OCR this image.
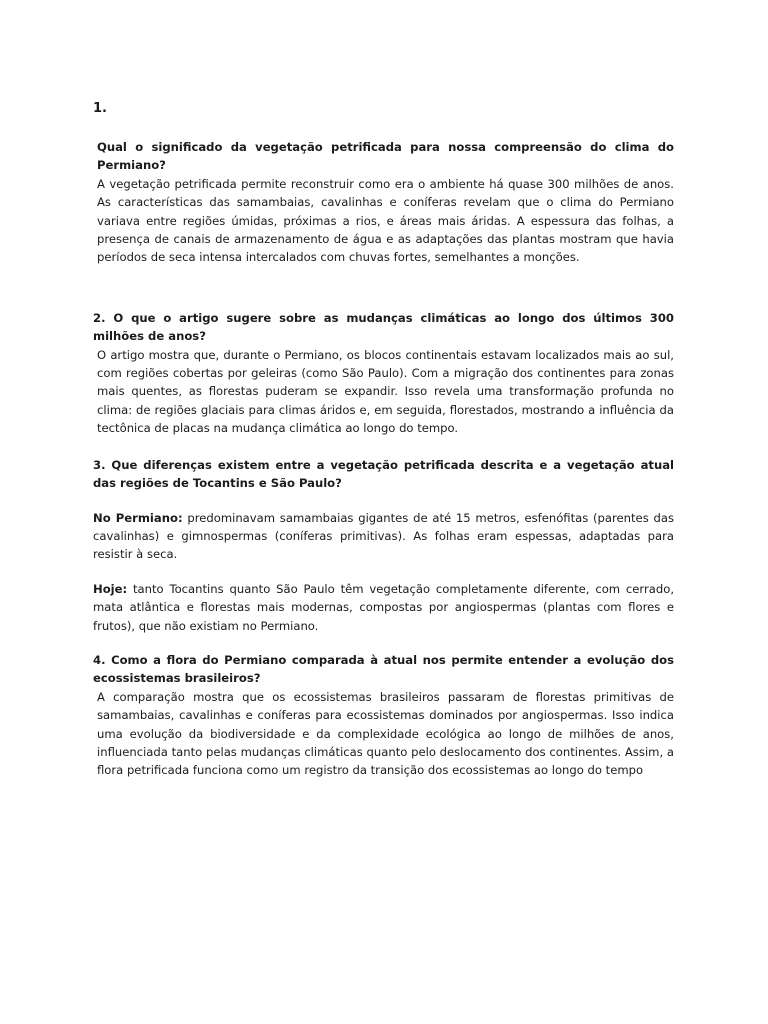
1.

Qual o significado da vegetação petrificada para nossa compreensão do clima do Permiano?

A vegetação petrificada permite reconstruir como era o ambiente há quase 300 milhões de anos. As características das samambaias, cavalinhas e coníferas revelam que o clima do Permiano variava entre regiões úmidas, próximas a rios, e áreas mais áridas. A espessura das folhas, a presença de canais de armazenamento de água e as adaptações das plantas mostram que havia períodos de seca intensa intercalados com chuvas fortes, semelhantes a monções.

2. O que o artigo sugere sobre as mudanças climáticas ao longo dos últimos 300 milhões de anos?

O artigo mostra que, durante o Permiano, os blocos continentais estavam localizados mais ao sul, com regiões cobertas por geleiras (como São Paulo). Com a migração dos continentes para zonas mais quentes, as florestas puderam se expandir. Isso revela uma transformação profunda no clima: de regiões glaciais para climas áridos e, em seguida, florestados, mostrando a influência da tectônica de placas na mudança climática ao longo do tempo.

3. Que diferenças existem entre a vegetação petrificada descrita e a vegetação atual das regiões de Tocantins e São Paulo?

No Permiano: predominavam samambaias gigantes de até 15 metros, esfenófitas (parentes das cavalinhas) e gimnospermas (coníferas primitivas). As folhas eram espessas, adaptadas para resistir à seca.

Hoje: tanto Tocantins quanto São Paulo têm vegetação completamente diferente, com cerrado, mata atlântica e florestas mais modernas, compostas por angiospermas (plantas com flores e frutos), que não existiam no Permiano.

4. Como a flora do Permiano comparada à atual nos permite entender a evolução dos ecossistemas brasileiros?

A comparação mostra que os ecossistemas brasileiros passaram de florestas primitivas de samambaias, cavalinhas e coníferas para ecossistemas dominados por angiospermas. Isso indica uma evolução da biodiversidade e da complexidade ecológica ao longo de milhões de anos, influenciada tanto pelas mudanças climáticas quanto pelo deslocamento dos continentes. Assim, a flora petrificada funciona como um registro da transição dos ecossistemas ao longo do tempo
